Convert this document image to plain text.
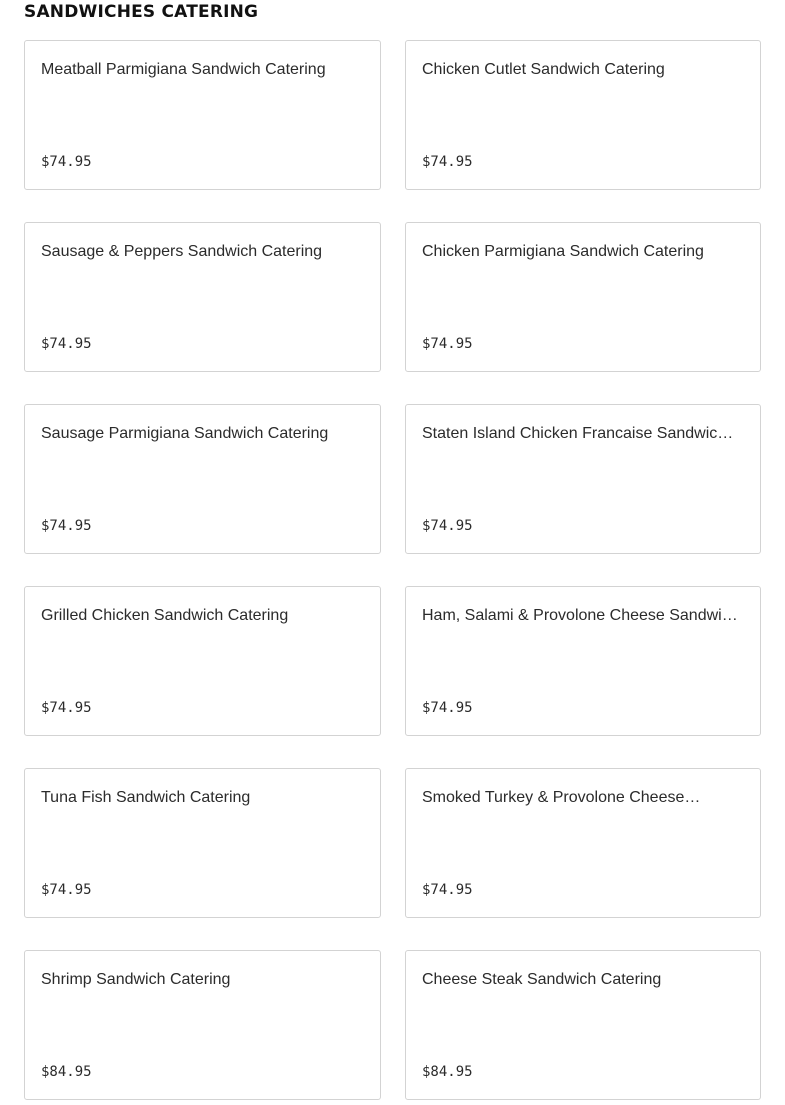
SANDWICHES CATERING
Meatball Parmigiana Sandwich Catering
$74.95
Chicken Cutlet Sandwich Catering
$74.95
Sausage & Peppers Sandwich Catering
$74.95
Chicken Parmigiana Sandwich Catering
$74.95
Sausage Parmigiana Sandwich Catering
$74.95
Staten Island Chicken Francaise Sandwic…
$74.95
Grilled Chicken Sandwich Catering
$74.95
Ham, Salami & Provolone Cheese Sandwi…
$74.95
Tuna Fish Sandwich Catering
$74.95
Smoked Turkey & Provolone Cheese…
$74.95
Shrimp Sandwich Catering
$84.95
Cheese Steak Sandwich Catering
$84.95
